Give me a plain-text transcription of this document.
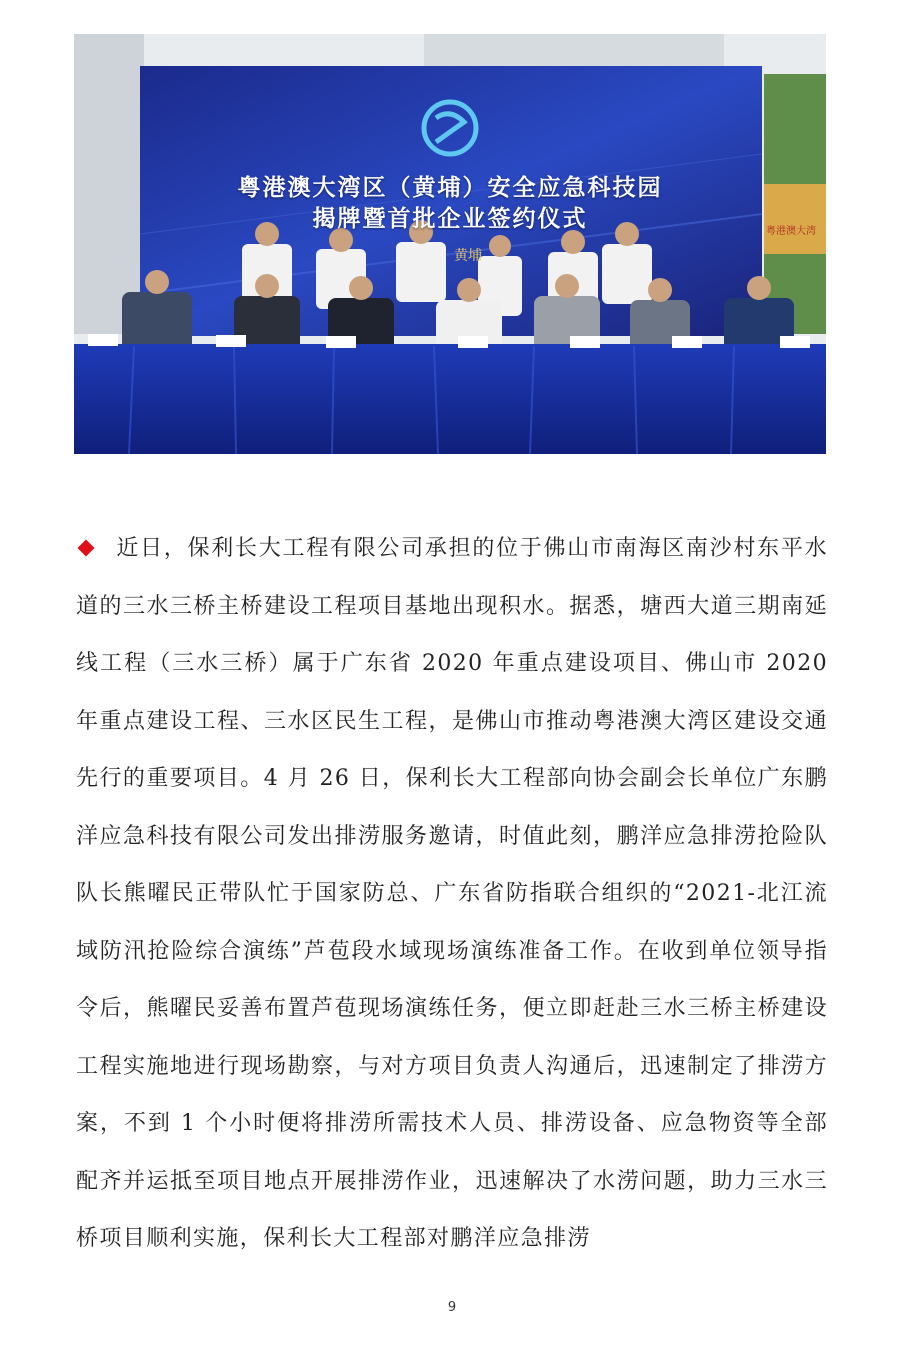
粤港澳大湾区（黄埔）安全应急科技园
揭牌暨首批企业签约仪式
黄埔
粤港澳大湾

近日，保利长大工程有限公司承担的位于佛山市南海区南沙村东平水道的三水三桥主桥建设工程项目基地出现积水。据悉，塘西大道三期南延线工程（三水三桥）属于广东省 2020 年重点建设项目、佛山市 2020 年重点建设工程、三水区民生工程，是佛山市推动粤港澳大湾区建设交通先行的重要项目。4 月 26 日，保利长大工程部向协会副会长单位广东鹏洋应急科技有限公司发出排涝服务邀请，时值此刻，鹏洋应急排涝抢险队队长熊曜民正带队忙于国家防总、广东省防指联合组织的“2021-北江流域防汛抢险综合演练”芦苞段水域现场演练准备工作。在收到单位领导指令后，熊曜民妥善布置芦苞现场演练任务，便立即赶赴三水三桥主桥建设工程实施地进行现场勘察，与对方项目负责人沟通后，迅速制定了排涝方案，不到 1 个小时便将排涝所需技术人员、排涝设备、应急物资等全部配齐并运抵至项目地点开展排涝作业，迅速解决了水涝问题，助力三水三桥项目顺利实施，保利长大工程部对鹏洋应急排涝

9
